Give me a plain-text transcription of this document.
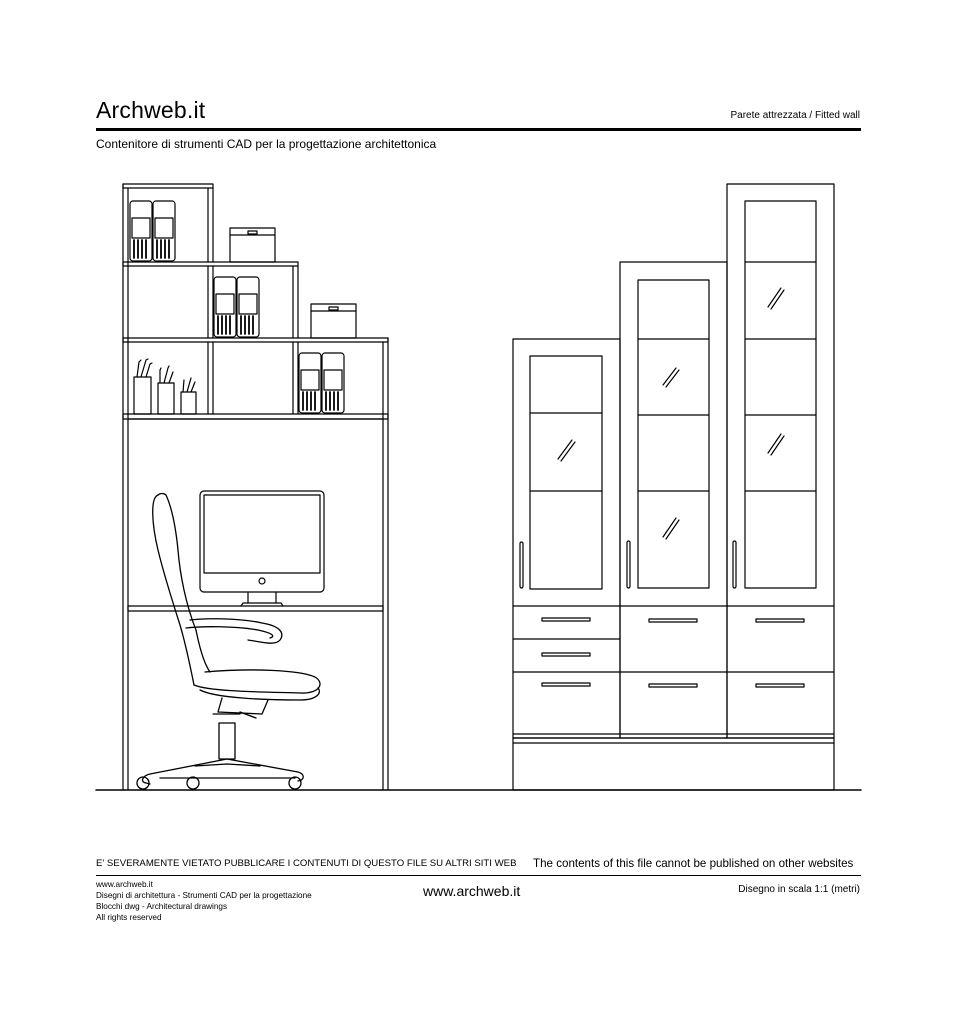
Archweb.it	Parete attrezzata / Fitted wall
Contenitore di strumenti CAD per la progettazione architettonica
E' SEVERAMENTE VIETATO PUBBLICARE I CONTENUTI DI QUESTO FILE SU ALTRI SITI WEB The contents of this file cannot be published on other websites
www.archweb.it
Disegni di architettura - Strumenti CAD per la progettazione
Blocchi dwg - Architectural drawings
All rights reserved
www.archweb.it	Disegno in scala 1:1 (metri)
